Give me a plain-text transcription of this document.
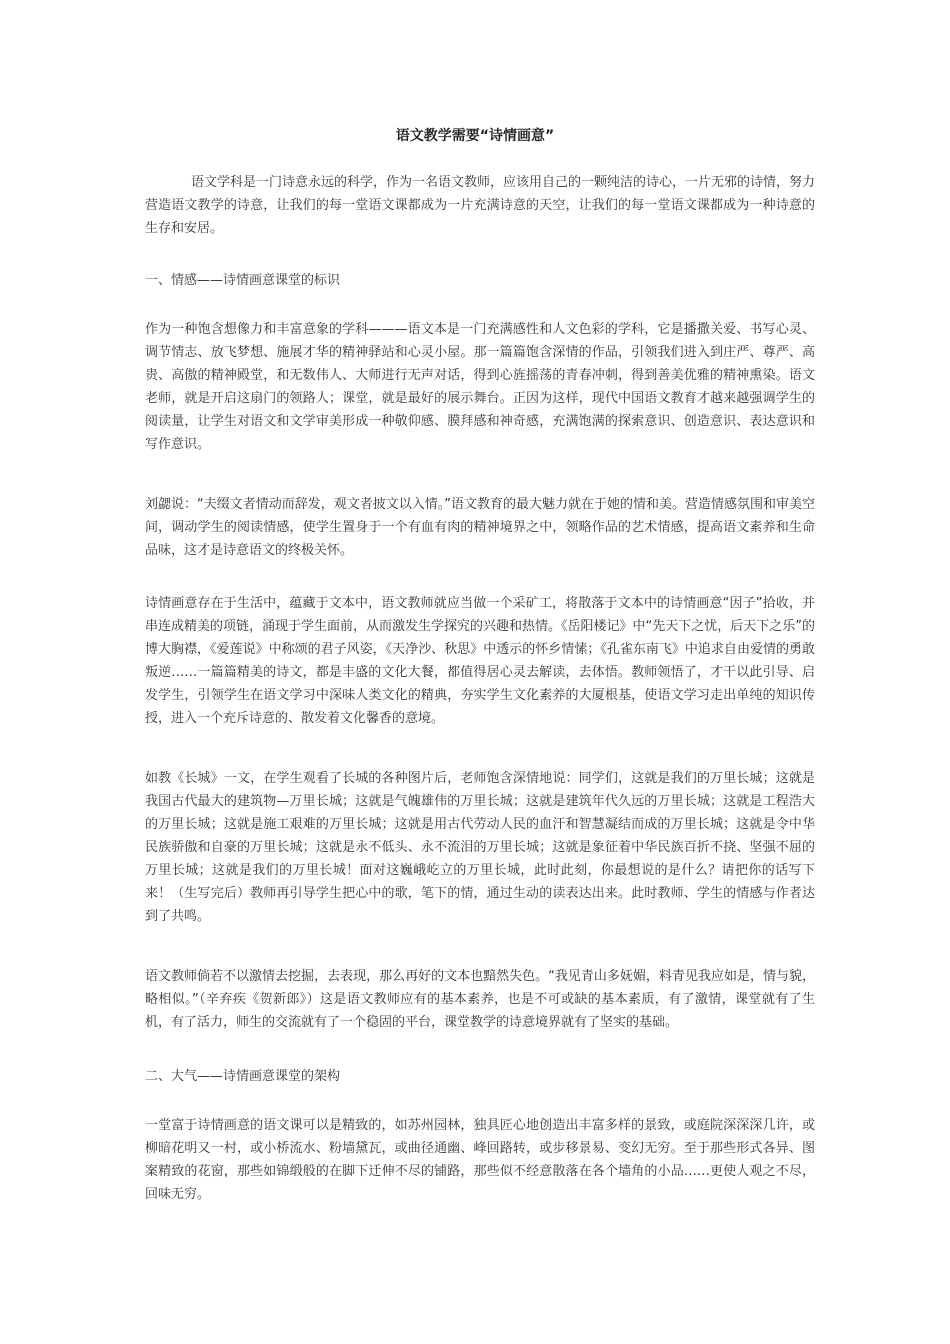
语文教学需要“诗情画意”

语文学科是一门诗意永远的科学，作为一名语文教师，应该用自己的一颗纯洁的诗心，一片无邪的诗情，努力营造语文教学的诗意，让我们的每一堂语文课都成为一片充满诗意的天空，让我们的每一堂语文课都成为一种诗意的生存和安居。

一、情感——诗情画意课堂的标识

作为一种饱含想像力和丰富意象的学科———语文本是一门充满感性和人文色彩的学科，它是播撒关爱、书写心灵、调节情志、放飞梦想、施展才华的精神驿站和心灵小屋。那一篇篇饱含深情的作品，引领我们进入到庄严、尊严、高贵、高傲的精神殿堂，和无数伟人、大师进行无声对话，得到心旌摇荡的青春冲刺，得到善美优雅的精神熏染。语文老师，就是开启这扇门的领路人；课堂，就是最好的展示舞台。正因为这样，现代中国语文教育才越来越强调学生的阅读量，让学生对语文和文学审美形成一种敬仰感、膜拜感和神奇感，充满饱满的探索意识、创造意识、表达意识和写作意识。

刘勰说：“夫缀文者情动而辞发，观文者披文以入情。”语文教育的最大魅力就在于她的情和美。营造情感氛围和审美空间，调动学生的阅读情感，使学生置身于一个有血有肉的精神境界之中，领略作品的艺术情感，提高语文素养和生命品味，这才是诗意语文的终极关怀。

诗情画意存在于生活中，蕴藏于文本中，语文教师就应当做一个采矿工，将散落于文本中的诗情画意“因子”拾收，并串连成精美的项链，涌现于学生面前，从而激发生学探究的兴趣和热情。《岳阳楼记》中“先天下之忧，后天下之乐”的博大胸襟，《爱莲说》中称颂的君子风姿，《天净沙、秋思》中透示的怀乡情愫；《孔雀东南飞》中追求自由爱情的勇敢叛逆……一篇篇精美的诗文，都是丰盛的文化大餐，都值得居心灵去解读，去体悟。教师领悟了，才干以此引导、启发学生，引领学生在语文学习中深味人类文化的精典，夯实学生文化素养的大厦根基，使语文学习走出单纯的知识传授，进入一个充斥诗意的、散发着文化馨香的意境。

如教《长城》一文，在学生观看了长城的各种图片后，老师饱含深情地说：同学们，这就是我们的万里长城；这就是我国古代最大的建筑物—万里长城；这就是气魄雄伟的万里长城；这就是建筑年代久远的万里长城；这就是工程浩大的万里长城；这就是施工艰难的万里长城；这就是用古代劳动人民的血汗和智慧凝结而成的万里长城；这就是令中华民族骄傲和自豪的万里长城；这就是永不低头、永不流泪的万里长城；这就是象征着中华民族百折不挠、坚强不屈的万里长城；这就是我们的万里长城！面对这巍峨屹立的万里长城，此时此刻，你最想说的是什么？请把你的话写下来！（生写完后）教师再引导学生把心中的歌，笔下的情，通过生动的读表达出来。此时教师、学生的情感与作者达到了共鸣。

语文教师倘若不以激情去挖掘，去表现，那么再好的文本也黯然失色。“我见青山多妩媚，料青见我应如是，情与貌，略相似。”（辛弃疾《贺新郎》）这是语文教师应有的基本素养，也是不可或缺的基本素质，有了激情，课堂就有了生机，有了活力，师生的交流就有了一个稳固的平台，课堂教学的诗意境界就有了坚实的基础。

二、大气——诗情画意课堂的架构

一堂富于诗情画意的语文课可以是精致的，如苏州园林，独具匠心地创造出丰富多样的景致，或庭院深深深几许，或柳暗花明又一村，或小桥流水、粉墙黛瓦，或曲径通幽、峰回路转，或步移景易、变幻无穷。至于那些形式各异、图案精致的花窗，那些如锦缎般的在脚下迁伸不尽的铺路，那些似不经意散落在各个墙角的小品……更使人观之不尽，回味无穷。
